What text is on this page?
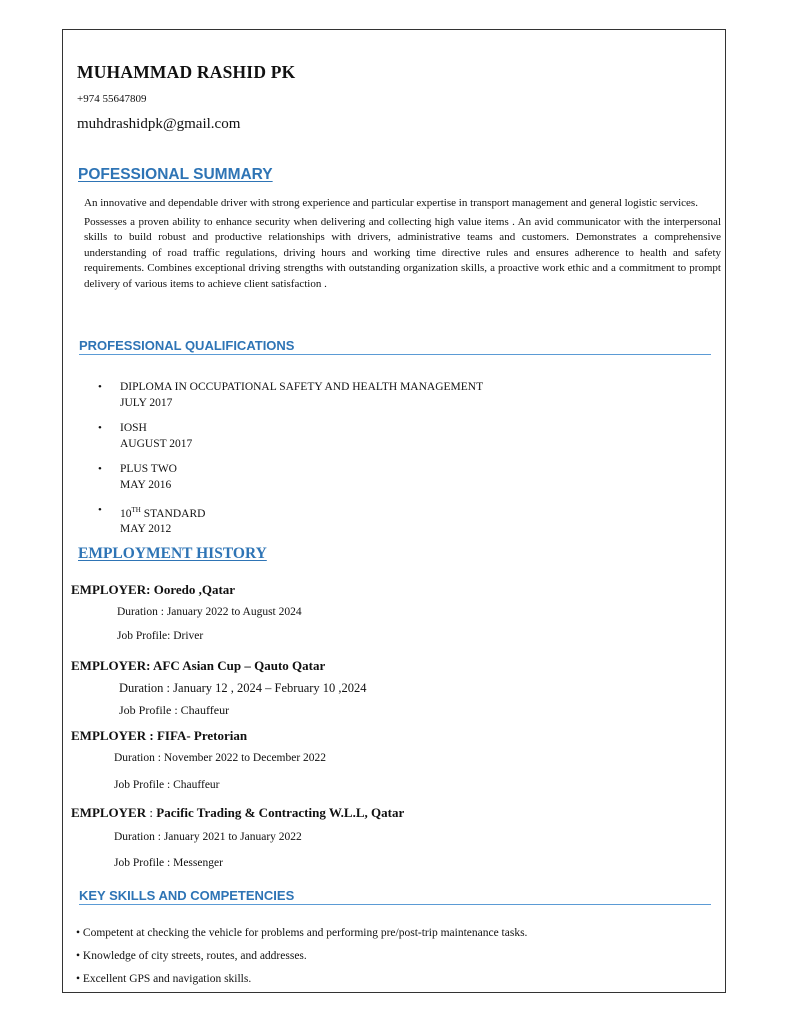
MUHAMMAD RASHID PK
+974 55647809
muhdrashidpk@gmail.com
POFESSIONAL SUMMARY

An innovative and dependable driver with strong experience and particular expertise in transport management and general logistic services.

Possesses a proven ability to enhance security when delivering and collecting high value items . An avid communicator with the interpersonal skills to build robust and productive relationships with drivers, administrative teams and customers. Demonstrates a comprehensive understanding of road traffic regulations, driving hours and working time directive rules and ensures adherence to health and safety requirements. Combines exceptional driving strengths with outstanding organization skills, a proactive work ethic and a commitment to prompt delivery of various items to achieve client satisfaction .

PROFESSIONAL QUALIFICATIONS
• DIPLOMA IN OCCUPATIONAL SAFETY AND HEALTH MANAGEMENT
JULY 2017
• IOSH
AUGUST 2017
• PLUS TWO
MAY 2016
• 10TH STANDARD
MAY 2012
EMPLOYMENT HISTORY
EMPLOYER: Ooredo ,Qatar
Duration : January 2022 to August 2024
Job Profile: Driver
EMPLOYER: AFC Asian Cup – Qauto Qatar
Duration : January 12 , 2024 – February 10 ,2024
Job Profile : Chauffeur
EMPLOYER : FIFA- Pretorian
Duration : November 2022 to December 2022
Job Profile : Chauffeur
EMPLOYER : Pacific Trading & Contracting W.L.L, Qatar
Duration : January 2021 to January 2022
Job Profile : Messenger
KEY SKILLS AND COMPETENCIES
• Competent at checking the vehicle for problems and performing pre/post-trip maintenance tasks.
• Knowledge of city streets, routes, and addresses.
• Excellent GPS and navigation skills.
